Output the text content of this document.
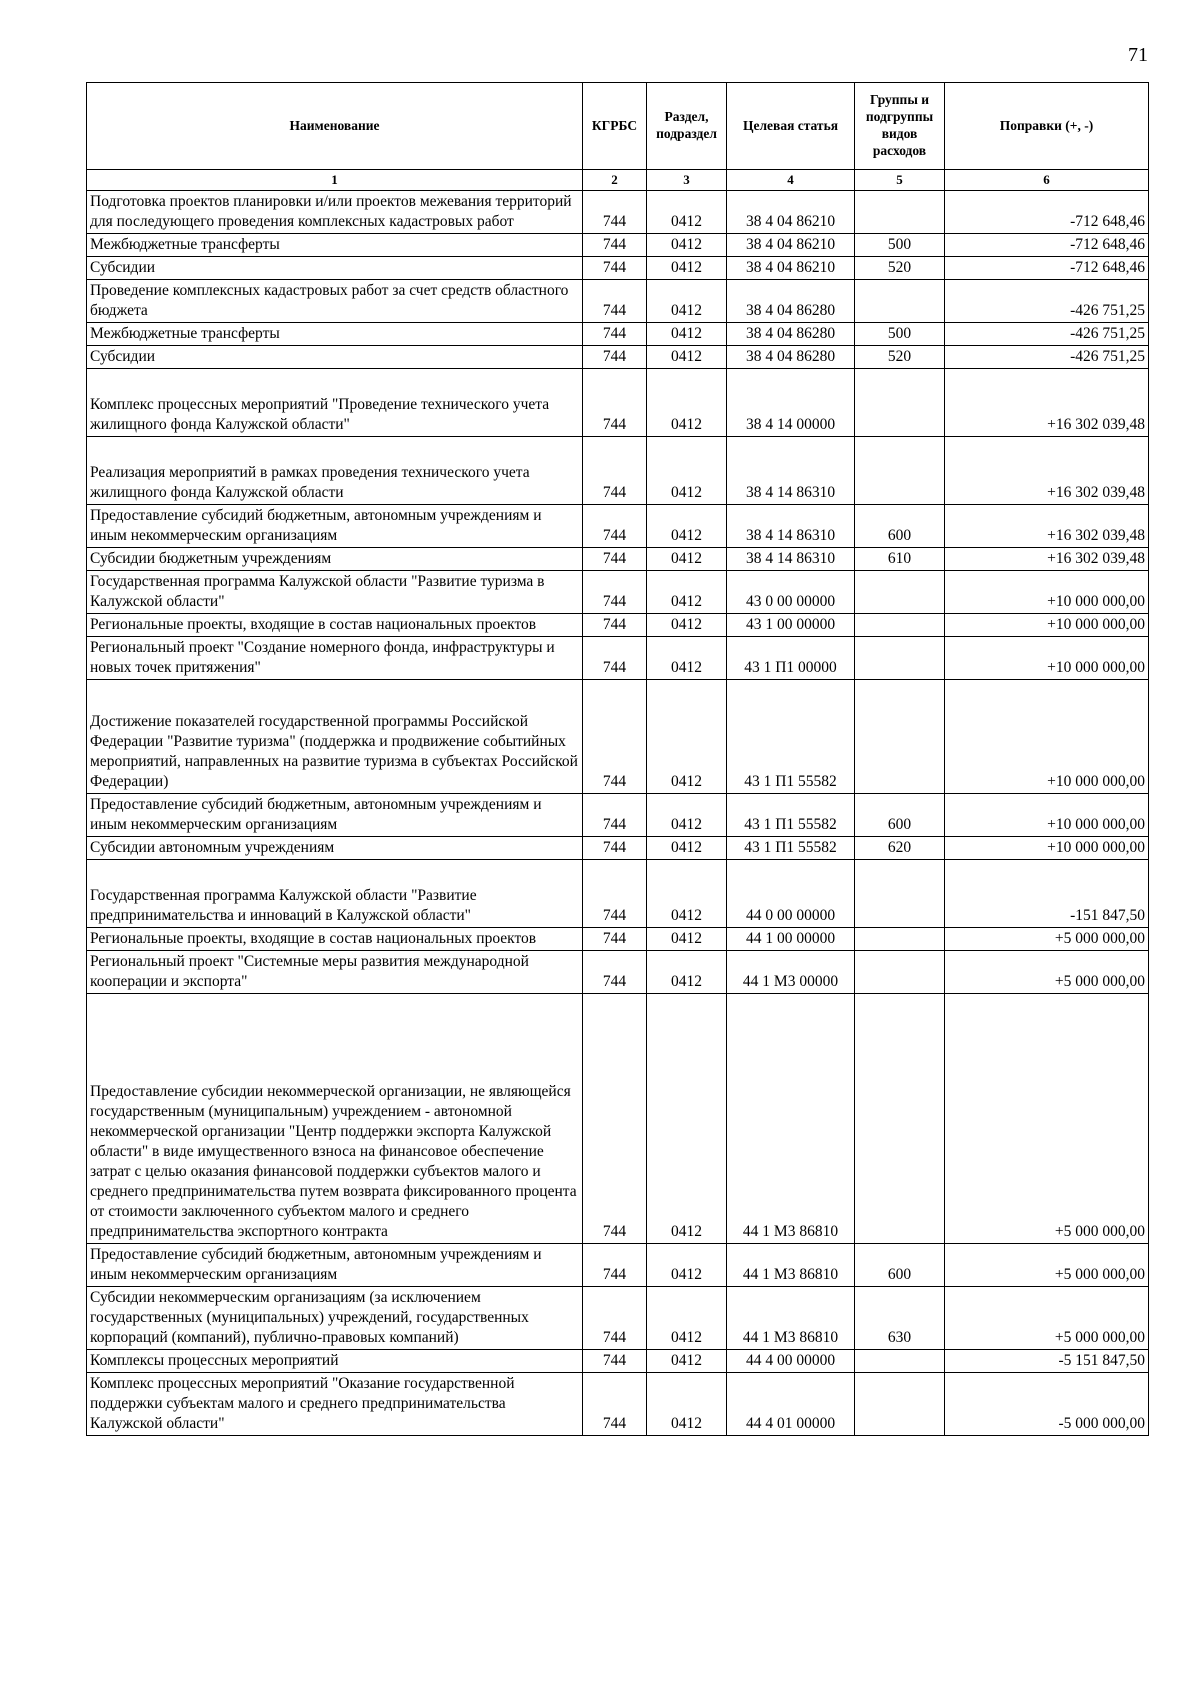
71
Наименование	КГРБС	Раздел, подраздел	Целевая статья	Группы и подгруппы видов расходов	Поправки (+, -)
1	2	3	4	5	6
Подготовка проектов планировки и/или проектов межевания территорий для последующего проведения комплексных кадастровых работ	744	0412	38 4 04 86210		-712 648,46
Межбюджетные трансферты	744	0412	38 4 04 86210	500	-712 648,46
Субсидии	744	0412	38 4 04 86210	520	-712 648,46
Проведение комплексных кадастровых работ за счет средств областного бюджета	744	0412	38 4 04 86280		-426 751,25
Межбюджетные трансферты	744	0412	38 4 04 86280	500	-426 751,25
Субсидии	744	0412	38 4 04 86280	520	-426 751,25
Комплекс процессных мероприятий "Проведение технического учета жилищного фонда Калужской области"	744	0412	38 4 14 00000		+16 302 039,48
Реализация мероприятий в рамках проведения технического учета жилищного фонда Калужской области	744	0412	38 4 14 86310		+16 302 039,48
Предоставление субсидий бюджетным, автономным учреждениям и иным некоммерческим организациям	744	0412	38 4 14 86310	600	+16 302 039,48
Субсидии бюджетным учреждениям	744	0412	38 4 14 86310	610	+16 302 039,48
Государственная программа Калужской области "Развитие туризма в Калужской области"	744	0412	43 0 00 00000		+10 000 000,00
Региональные проекты, входящие в состав национальных проектов	744	0412	43 1 00 00000		+10 000 000,00
Региональный проект "Создание номерного фонда, инфраструктуры и новых точек притяжения"	744	0412	43 1 П1 00000		+10 000 000,00
Достижение показателей государственной программы Российской Федерации "Развитие туризма" (поддержка и продвижение событийных мероприятий, направленных на развитие туризма в субъектах Российской Федерации)	744	0412	43 1 П1 55582		+10 000 000,00
Предоставление субсидий бюджетным, автономным учреждениям и иным некоммерческим организациям	744	0412	43 1 П1 55582	600	+10 000 000,00
Субсидии автономным учреждениям	744	0412	43 1 П1 55582	620	+10 000 000,00
Государственная программа Калужской области "Развитие предпринимательства и инноваций в Калужской области"	744	0412	44 0 00 00000		-151 847,50
Региональные проекты, входящие в состав национальных проектов	744	0412	44 1 00 00000		+5 000 000,00
Региональный проект "Системные меры развития международной кооперации и экспорта"	744	0412	44 1 М3 00000		+5 000 000,00
Предоставление субсидии некоммерческой организации, не являющейся государственным (муниципальным) учреждением - автономной некоммерческой организации "Центр поддержки экспорта Калужской области" в виде имущественного взноса на финансовое обеспечение затрат с целью оказания финансовой поддержки субъектов малого и среднего предпринимательства путем возврата фиксированного процента от стоимости заключенного субъектом малого и среднего предпринимательства экспортного контракта	744	0412	44 1 М3 86810		+5 000 000,00
Предоставление субсидий бюджетным, автономным учреждениям и иным некоммерческим организациям	744	0412	44 1 М3 86810	600	+5 000 000,00
Субсидии некоммерческим организациям (за исключением государственных (муниципальных) учреждений, государственных корпораций (компаний), публично-правовых компаний)	744	0412	44 1 М3 86810	630	+5 000 000,00
Комплексы процессных мероприятий	744	0412	44 4 00 00000		-5 151 847,50
Комплекс процессных мероприятий "Оказание государственной поддержки субъектам малого и среднего предпринимательства Калужской области"	744	0412	44 4 01 00000		-5 000 000,00
